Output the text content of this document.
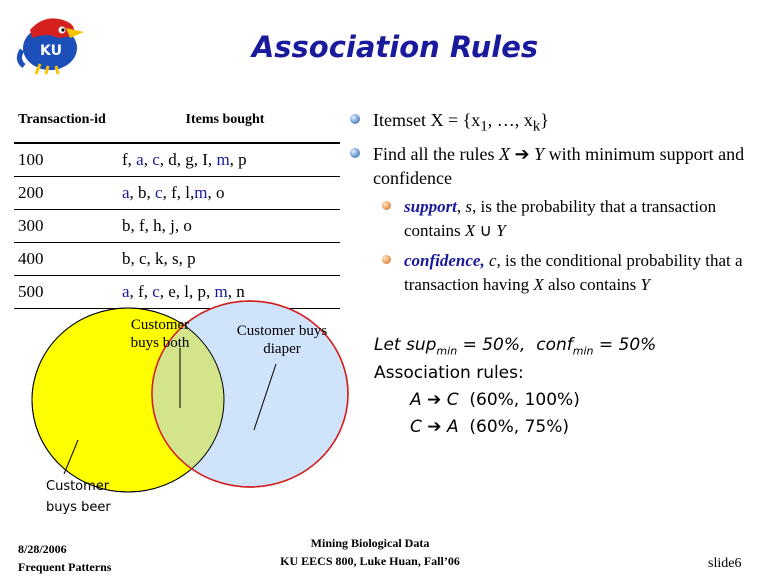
KU	Association Rules
Transaction-id	Items bought
100	f, a, c, d, g, I, m, p
200	a, b, c, f, l,m, o
300	b, f, h, j, o
400	b, c, k, s, p
500	a, f, c, e, l, p, m, n
Customer buys both
Customer buys diaper
Customer buys beer
Itemset $X = \{x_1$, …, $x_k$}
Find all the rules X ➔ Y with minimum support and confidence
support, s, is the probability that a transaction contains X ∪ Y
confidence, c, is the conditional probability that a transaction having X also contains Y
Let sup$_{min}$ = 50%,  conf$_{min}$ = 50%
Association rules:
A ➔ C  (60%, 100%)
C ➔ A  (60%, 75%)
8/28/2006
Frequent Patterns
Mining Biological Data
KU EECS 800, Luke Huan, Fall’06	slide6
